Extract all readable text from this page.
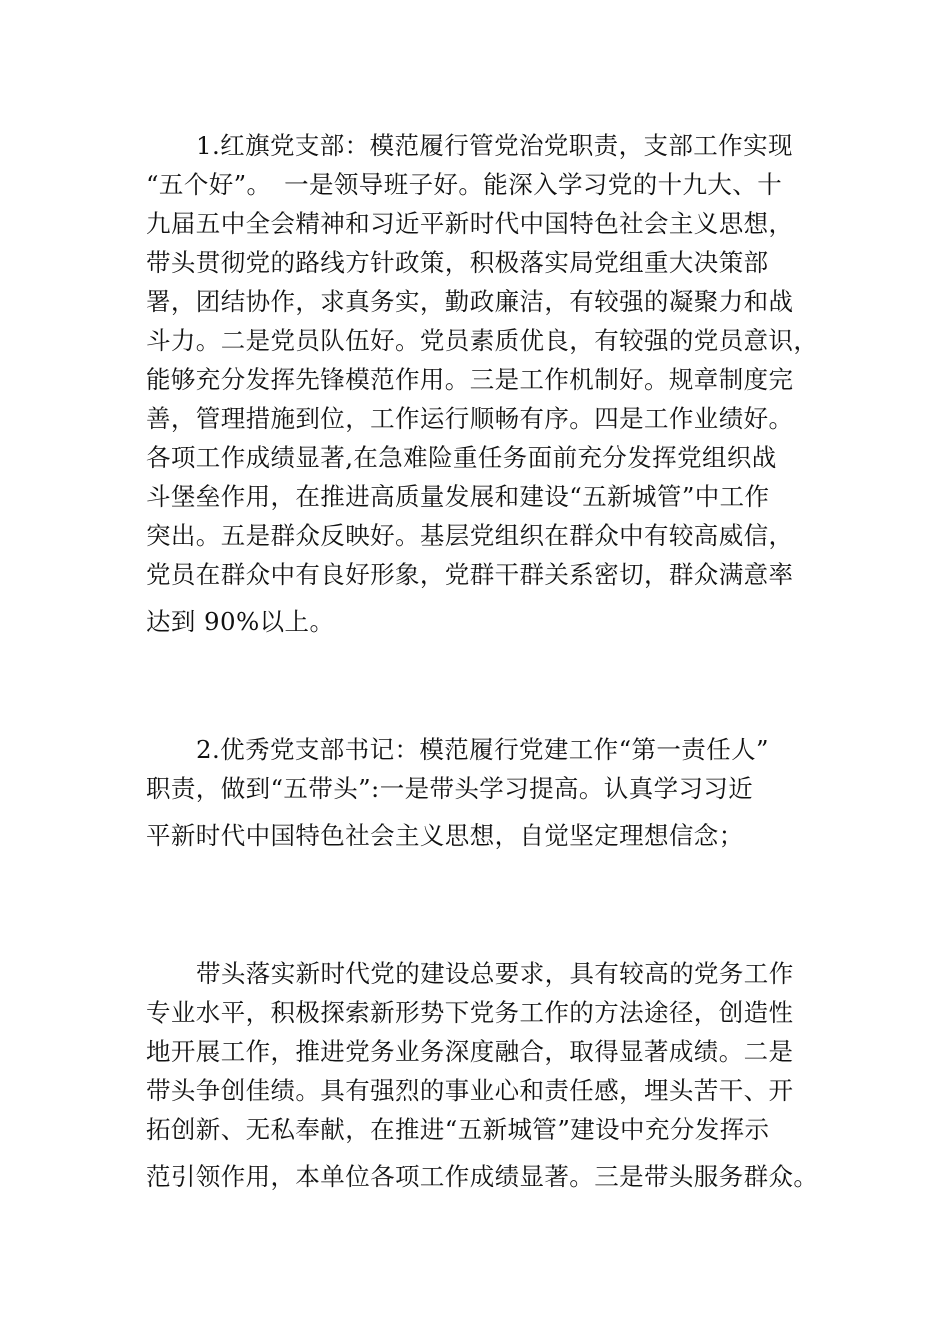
1.红旗党支部：模范履行管党治党职责，支部工作实现
“五个好”。　一是领导班子好。能深入学习党的十九大、十
九届五中全会精神和习近平新时代中国特色社会主义思想，
带头贯彻党的路线方针政策，积极落实局党组重大决策部
署，团结协作，求真务实，勤政廉洁，有较强的凝聚力和战
斗力。二是党员队伍好。党员素质优良，有较强的党员意识，
能够充分发挥先锋模范作用。三是工作机制好。规章制度完
善，管理措施到位，工作运行顺畅有序。四是工作业绩好。
各项工作成绩显著,在急难险重任务面前充分发挥党组织战
斗堡垒作用，在推进高质量发展和建设“五新城管”中工作
突出。五是群众反映好。基层党组织在群众中有较高威信，
党员在群众中有良好形象，党群干群关系密切，群众满意率
达到 90%以上。

2.优秀党支部书记：模范履行党建工作“第一责任人”
职责，做到“五带头”:一是带头学习提高。认真学习习近
平新时代中国特色社会主义思想，自觉坚定理想信念；

带头落实新时代党的建设总要求，具有较高的党务工作
专业水平，积极探索新形势下党务工作的方法途径，创造性
地开展工作，推进党务业务深度融合，取得显著成绩。二是
带头争创佳绩。具有强烈的事业心和责任感，埋头苦干、开
拓创新、无私奉献，在推进“五新城管”建设中充分发挥示
范引领作用，本单位各项工作成绩显著。三是带头服务群众。
